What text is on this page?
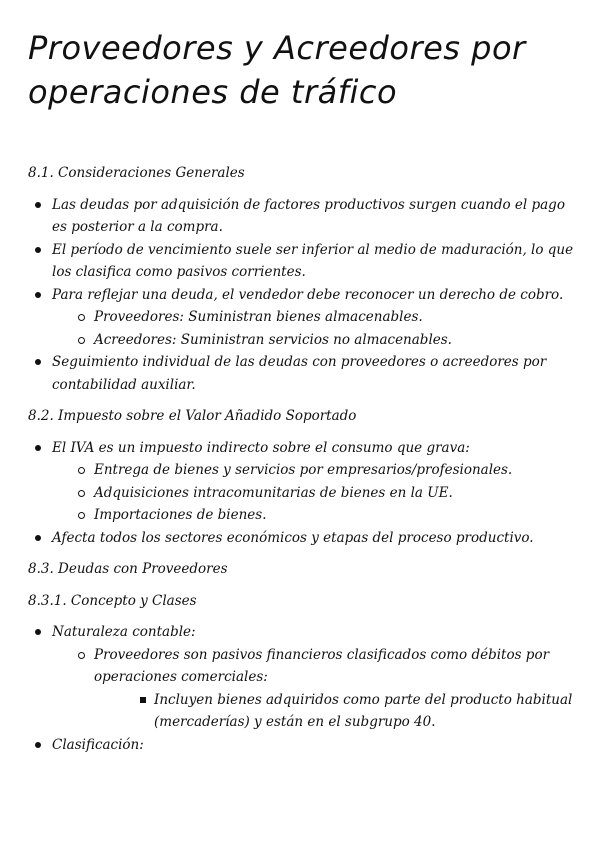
Proveedores y Acreedores por
operaciones de tráfico
8.1. Consideraciones Generales
Las deudas por adquisición de factores productivos surgen cuando el pago es posterior a la compra.
El período de vencimiento suele ser inferior al medio de maduración, lo que los clasifica como pasivos corrientes.
Para reflejar una deuda, el vendedor debe reconocer un derecho de cobro.
Proveedores: Suministran bienes almacenables.
Acreedores: Suministran servicios no almacenables.
Seguimiento individual de las deudas con proveedores o acreedores por contabilidad auxiliar.
8.2. Impuesto sobre el Valor Añadido Soportado
El IVA es un impuesto indirecto sobre el consumo que grava:
Entrega de bienes y servicios por empresarios/profesionales.
Adquisiciones intracomunitarias de bienes en la UE.
Importaciones de bienes.
Afecta todos los sectores económicos y etapas del proceso productivo.
8.3. Deudas con Proveedores
8.3.1. Concepto y Clases
Naturaleza contable:
Proveedores son pasivos financieros clasificados como débitos por operaciones comerciales:
Incluyen bienes adquiridos como parte del producto habitual (mercaderías) y están en el subgrupo 40.
Clasificación:
